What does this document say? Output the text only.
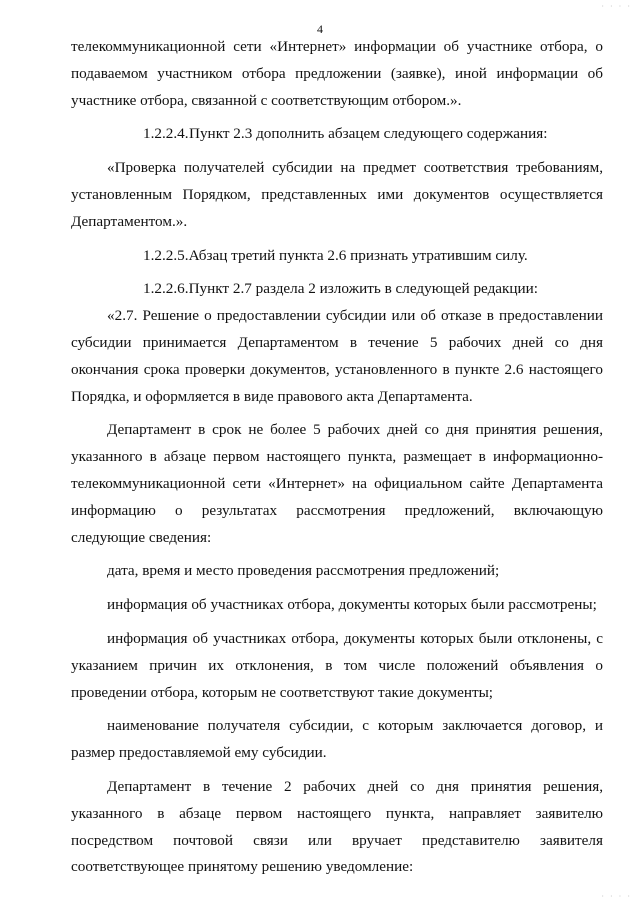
· · · ·
4

телекоммуникационной сети «Интернет» информации об участнике отбора, о подаваемом участником отбора предложении (заявке), иной информации об участнике отбора, связанной с соответствующим отбором.».

1.2.2.4.Пункт 2.3 дополнить абзацем следующего содержания:

«Проверка получателей субсидии на предмет соответствия требованиям, установленным Порядком, представленных ими документов осуществляется Департаментом.».

1.2.2.5.Абзац третий пункта 2.6 признать утратившим силу.

1.2.2.6.Пункт 2.7 раздела 2 изложить в следующей редакции:

«2.7. Решение о предоставлении субсидии или об отказе в предоставлении субсидии принимается Департаментом в течение 5 рабочих дней со дня окончания срока проверки документов, установленного в пункте 2.6 настоящего Порядка, и оформляется в виде правового акта Департамента.

Департамент в срок не более 5 рабочих дней со дня принятия решения, указанного в абзаце первом настоящего пункта, размещает в информационно-телекоммуникационной сети «Интернет» на официальном сайте Департамента информацию о результатах рассмотрения предложений, включающую следующие сведения:

дата, время и место проведения рассмотрения предложений;

информация об участниках отбора, документы которых были рассмотрены;

информация об участниках отбора, документы которых были отклонены, с указанием причин их отклонения, в том числе положений объявления о проведении отбора, которым не соответствуют такие документы;

наименование получателя субсидии, с которым заключается договор, и размер предоставляемой ему субсидии.

Департамент в течение 2 рабочих дней со дня принятия решения, указанного в абзаце первом настоящего пункта, направляет заявителю посредством почтовой связи или вручает представителю заявителя соответствующее принятому решению уведомление:

· · · ·
